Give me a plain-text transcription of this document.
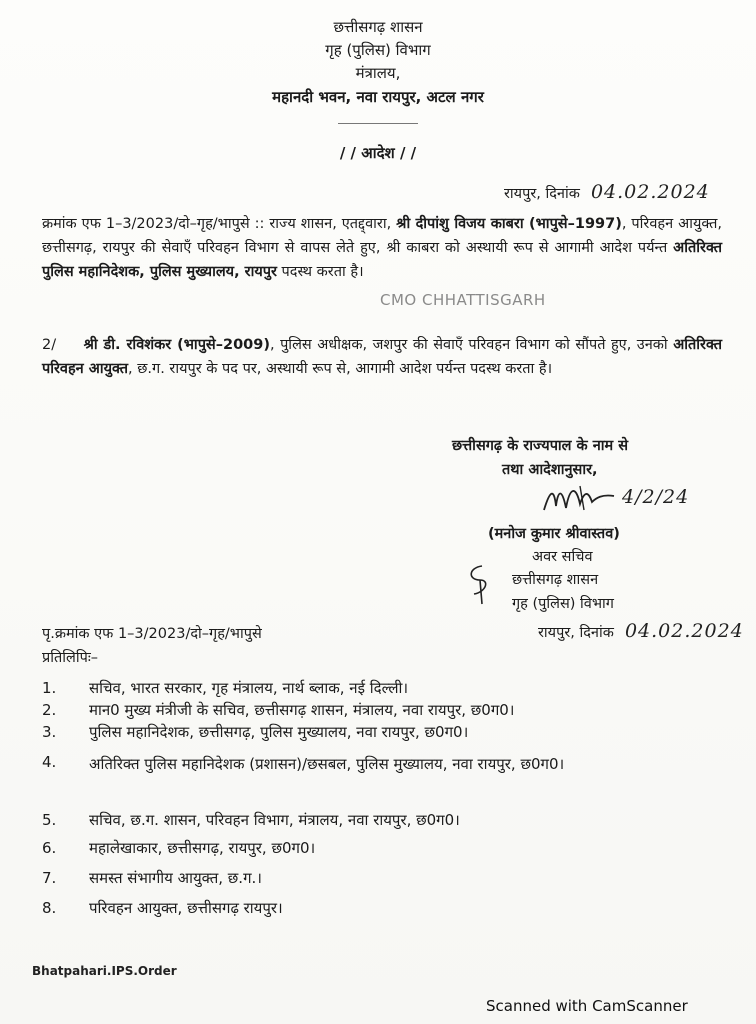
छत्तीसगढ़ शासन
गृह (पुलिस) विभाग
मंत्रालय,
महानदी भवन, नवा रायपुर, अटल नगर
/ / आदेश / /
रायपुर, दिनांक 04.02.2024
क्रमांक एफ 1–3/2023/दो–गृह/भापुसे :: राज्य शासन, एतद्द्वारा, श्री दीपांशु विजय काबरा (भापुसे–1997), परिवहन आयुक्त, छत्तीसगढ़, रायपुर की सेवाएँ परिवहन विभाग से वापस लेते हुए, श्री काबरा को अस्थायी रूप से आगामी आदेश पर्यन्त अतिरिक्त पुलिस महानिदेशक, पुलिस मुख्यालय, रायपुर पदस्थ करता है।
CMO CHHATTISGARH
2/     श्री डी. रविशंकर (भापुसे–2009), पुलिस अधीक्षक, जशपुर की सेवाएँ परिवहन विभाग को सौंपते हुए, उनको अतिरिक्त परिवहन आयुक्त, छ.ग. रायपुर के पद पर, अस्थायी रूप से, आगामी आदेश पर्यन्त पदस्थ करता है।
छत्तीसगढ़ के राज्यपाल के नाम से
तथा आदेशानुसार,
4/2/24
(मनोज कुमार श्रीवास्तव)
अवर सचिव
छत्तीसगढ़ शासन
गृह (पुलिस) विभाग
पृ.क्रमांक एफ 1–3/2023/दो–गृह/भापुसे	रायपुर, दिनांक 04.02.2024
प्रतिलिपिः–
1.	सचिव, भारत सरकार, गृह मंत्रालय, नार्थ ब्लाक, नई दिल्ली।
2.	मान0 मुख्य मंत्रीजी के सचिव, छत्तीसगढ़ शासन, मंत्रालय, नवा रायपुर, छ0ग0।
3.	पुलिस महानिदेशक, छत्तीसगढ़, पुलिस मुख्यालय, नवा रायपुर, छ0ग0।
4.	अतिरिक्त पुलिस महानिदेशक (प्रशासन)/छसबल, पुलिस मुख्यालय, नवा रायपुर, छ0ग0।
5.	सचिव, छ.ग. शासन, परिवहन विभाग, मंत्रालय, नवा रायपुर, छ0ग0।
6.	महालेखाकार, छत्तीसगढ़, रायपुर, छ0ग0।
7.	समस्त संभागीय आयुक्त, छ.ग.।
8.	परिवहन आयुक्त, छत्तीसगढ़ रायपुर।
Bhatpahari.IPS.Order
Scanned with CamScanner
